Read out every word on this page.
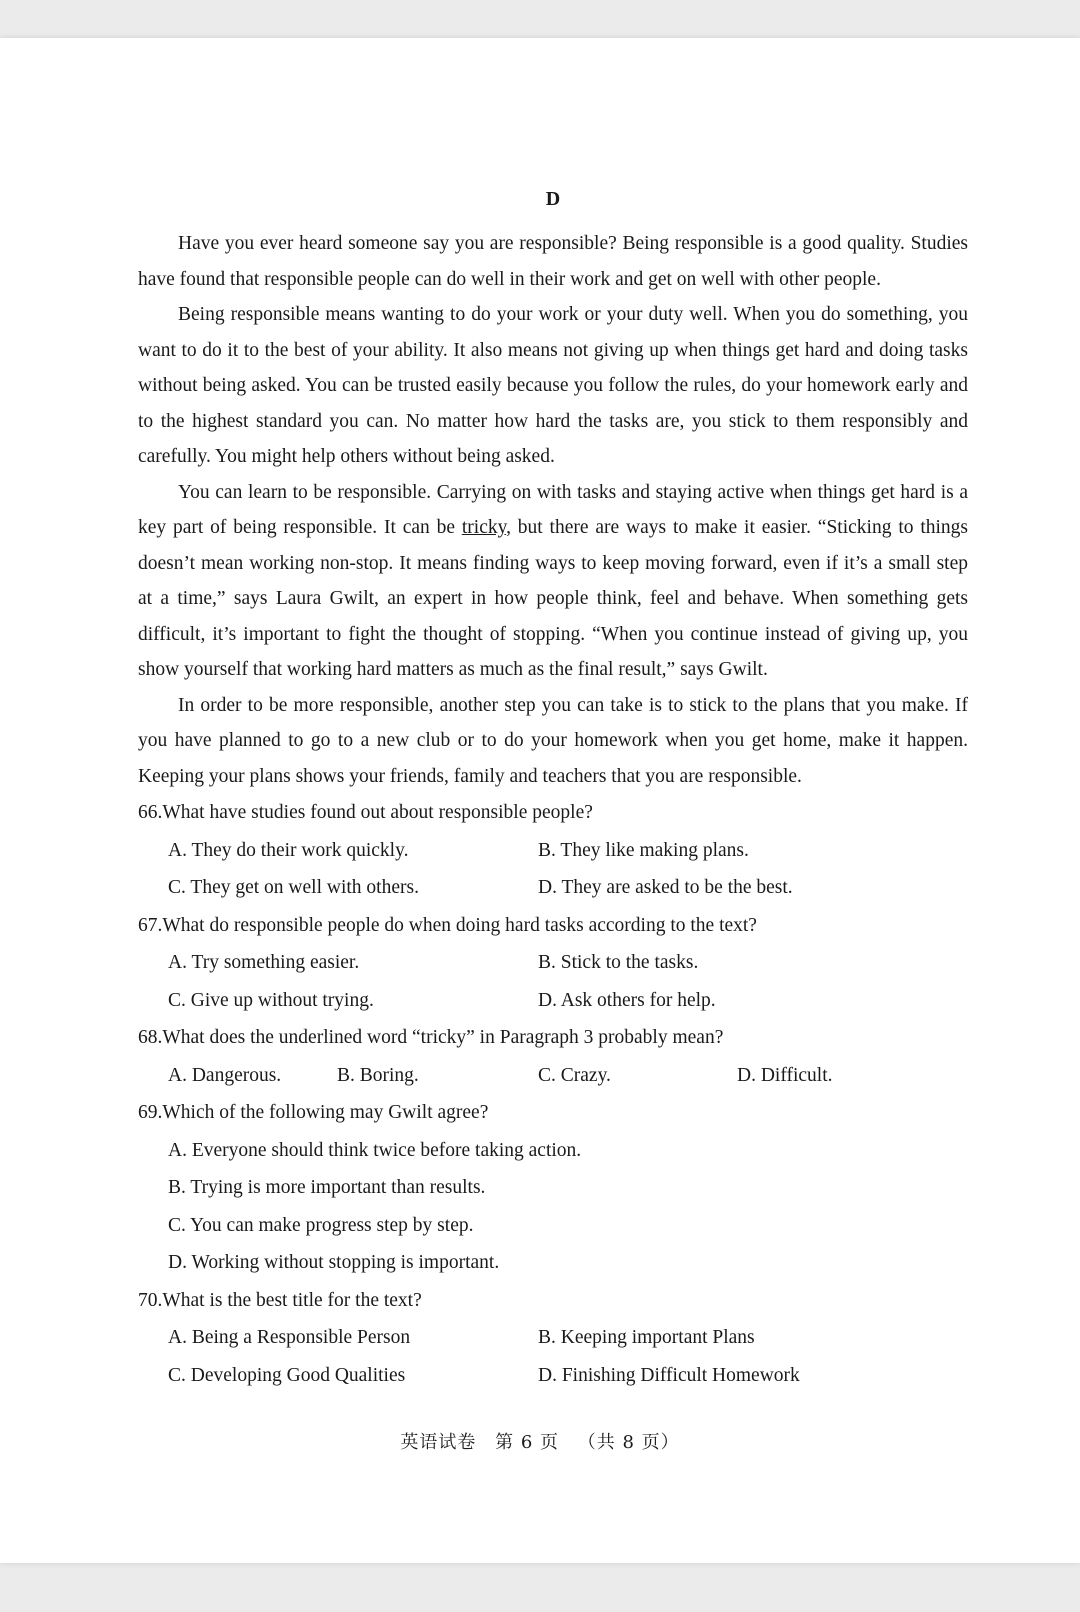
D

Have you ever heard someone say you are responsible? Being responsible is a good quality. Studies have found that responsible people can do well in their work and get on well with other people.

Being responsible means wanting to do your work or your duty well. When you do something, you want to do it to the best of your ability. It also means not giving up when things get hard and doing tasks without being asked. You can be trusted easily because you follow the rules, do your homework early and to the highest standard you can. No matter how hard the tasks are, you stick to them responsibly and carefully. You might help others without being asked.

You can learn to be responsible. Carrying on with tasks and staying active when things get hard is a key part of being responsible. It can be tricky, but there are ways to make it easier. “Sticking to things doesn’t mean working non-stop. It means finding ways to keep moving forward, even if it’s a small step at a time,” says Laura Gwilt, an expert in how people think, feel and behave. When something gets difficult, it’s important to fight the thought of stopping. “When you continue instead of giving up, you show yourself that working hard matters as much as the final result,” says Gwilt.

In order to be more responsible, another step you can take is to stick to the plans that you make. If you have planned to go to a new club or to do your homework when you get home, make it happen. Keeping your plans shows your friends, family and teachers that you are responsible.

66.What have studies found out about responsible people?

A. They do their work quickly.	B. They like making plans.
C. They get on well with others.	D. They are asked to be the best.

67.What do responsible people do when doing hard tasks according to the text?

A. Try something easier.	B. Stick to the tasks.
C. Give up without trying.	D. Ask others for help.

68.What does the underlined word “tricky” in Paragraph 3 probably mean?

A. Dangerous.	B. Boring.	C. Crazy.	D. Difficult.

69.Which of the following may Gwilt agree?

A. Everyone should think twice before taking action.
B. Trying is more important than results.
C. You can make progress step by step.
D. Working without stopping is important.

70.What is the best title for the text?

A. Being a Responsible Person	B. Keeping important Plans
C. Developing Good Qualities	D. Finishing Difficult Homework
英语试卷 第 6 页 （共 8 页）
